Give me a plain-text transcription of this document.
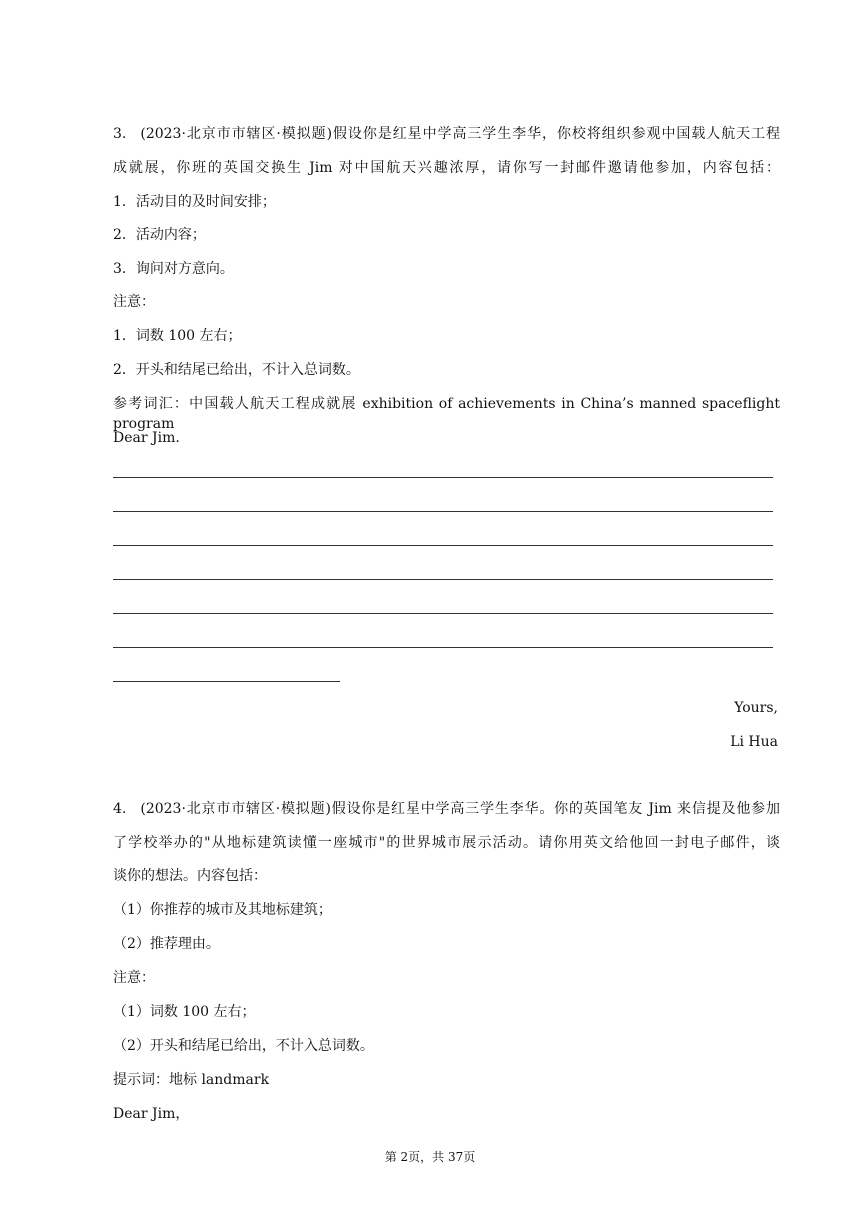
3. (2023·北京市市辖区·模拟题)假设你是红星中学高三学生李华，你校将组织参观中国载人航天工程
成就展，你班的英国交换生 Jim 对中国航天兴趣浓厚，请你写一封邮件邀请他参加，内容包括：
1．活动目的及时间安排；
2．活动内容；
3．询问对方意向。
注意：
1．词数 100 左右；
2．开头和结尾已给出，不计入总词数。
参考词汇：中国载人航天工程成就展 exhibition of achievements in China’s manned spaceflight program
Dear Jim.
Yours,
Li Hua
4. (2023·北京市市辖区·模拟题)假设你是红星中学高三学生李华。你的英国笔友 Jim 来信提及他参加
了学校举办的"从地标建筑读懂一座城市"的世界城市展示活动。请你用英文给他回一封电子邮件，谈
谈你的想法。内容包括：
（1）你推荐的城市及其地标建筑；
（2）推荐理由。
注意：
（1）词数 100 左右；
（2）开头和结尾已给出，不计入总词数。
提示词：地标 landmark
Dear Jim，
第 2页，共 37页
